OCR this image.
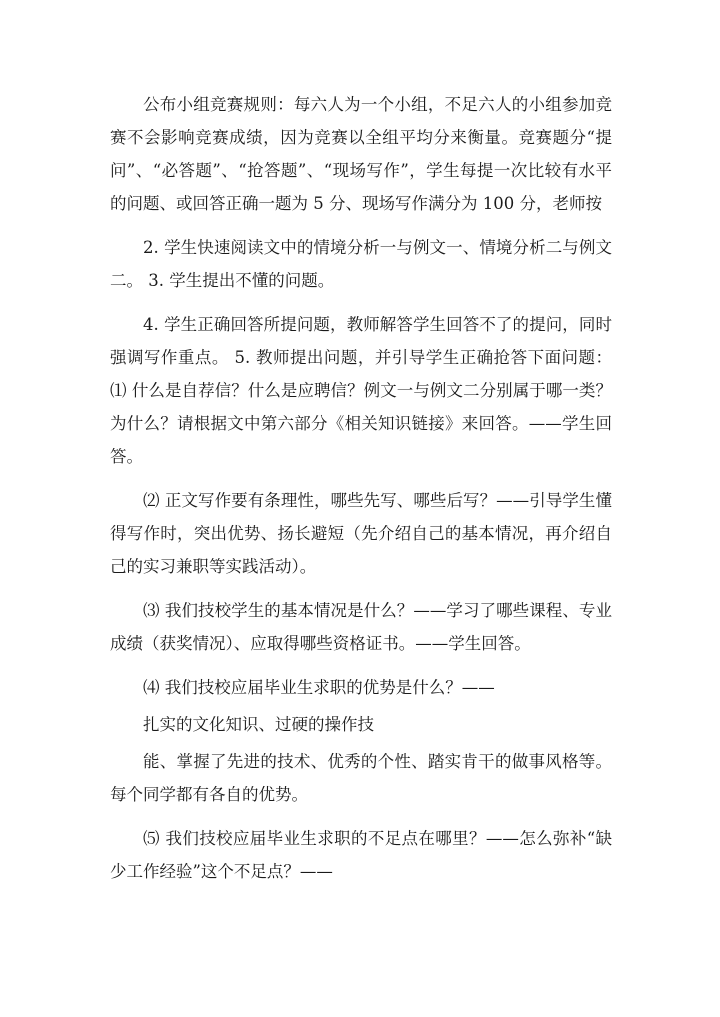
公布小组竞赛规则：每六人为一个小组，不足六人的小组参加竞赛不会影响竞赛成绩，因为竞赛以全组平均分来衡量。竞赛题分“提问”、“必答题”、“抢答题”、“现场写作”，学生每提一次比较有水平的问题、或回答正确一题为 5 分、现场写作满分为 100 分，老师按

2. 学生快速阅读文中的情境分析一与例文一、情境分析二与例文二。 3. 学生提出不懂的问题。

4. 学生正确回答所提问题，教师解答学生回答不了的提问，同时强调写作重点。 5. 教师提出问题，并引导学生正确抢答下面问题：⑴ 什么是自荐信？什么是应聘信？例文一与例文二分别属于哪一类？为什么？请根据文中第六部分《相关知识链接》来回答。——学生回答。

⑵ 正文写作要有条理性，哪些先写、哪些后写？——引导学生懂得写作时，突出优势、扬长避短（先介绍自己的基本情况，再介绍自己的实习兼职等实践活动）。

⑶ 我们技校学生的基本情况是什么？——学习了哪些课程、专业成绩（获奖情况）、应取得哪些资格证书。——学生回答。

⑷ 我们技校应届毕业生求职的优势是什么？——

扎实的文化知识、过硬的操作技

能、掌握了先进的技术、优秀的个性、踏实肯干的做事风格等。每个同学都有各自的优势。

⑸ 我们技校应届毕业生求职的不足点在哪里？——怎么弥补“缺少工作经验”这个不足点？——
